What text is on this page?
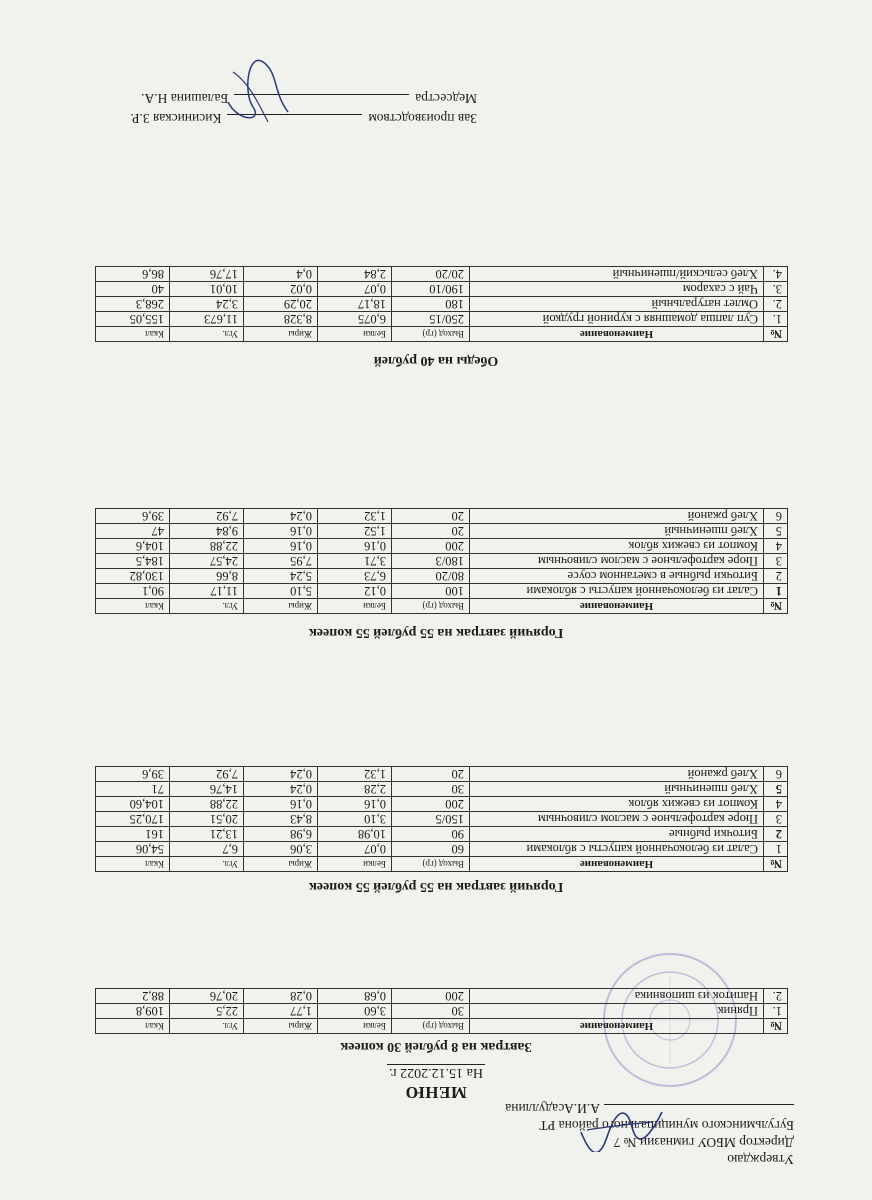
Утверждаю
Директор МБОУ гимназии № 7
Бугульминского муниципального района РТ
А.И.Асадуллина
МЕНЮ
На 15.12.2022 г.
Завтрак на 8 рублей 30 копеек
№	Наименование	Выход (гр)	Белки	Жиры	Угл.	Ккал
1.	Пряник	30	3,60	1,77	22,5	109,8
2.	Напиток из шиповника	200	0,68	0,28	20,76	88,2
Горячий завтрак на 55 рублей 55 копеек
№	Наименование	Выход (гр)	Белки	Жиры	Угл.	Ккал
1	Салат из белокочанной капусты с яблоками	60	0,07	3,06	6,7	54,06
2	Биточки рыбные	90	10,98	6,98	13,21	161
3	Пюре картофельное с маслом сливочным	150/5	3,10	8,43	20,51	170,25
4	Компот из свежих яблок	200	0,16	0,16	22,88	104,60
5	Хлеб пшеничный	30	2,28	0,24	14,76	71
6	Хлеб ржаной	20	1,32	0,24	7,92	39,6
Горячий завтрак на 55 рублей 55 копеек
№	Наименование	Выход (гр)	Белки	Жиры	Угл.	Ккал
1	Салат из белокочанной капусты с яблоками	100	0,12	5,10	11,17	90,1
2	Биточки рыбные в сметанном соусе	80/20	6,73	5,24	8,66	130,82
3	Пюре картофельное с маслом сливочным	180/3	3,71	7,95	24,57	184,5
4	Компот из свежих яблок	200	0,16	0,16	22,88	104,6
5	Хлеб пшеничный	20	1,52	0,16	9,84	47
6	Хлеб ржаной	20	1,32	0,24	7,92	39,6
Обеды на 40 рублей
№	Наименование	Выход (гр)	Белки	Жиры	Угл.	Ккал
1.	Суп лапша домашняя с куриной грудкой	250/15	6,075	8,328	11,673	155,05
2.	Омлет натуральный	180	18,17	20,29	3,24	268,3
3.	Чай с сахаром	190/10	0,07	0,02	10,01	40
4.	Хлеб сельский/пшеничный	20/20	2,84	0,4	17,76	86,6
Зав производствомКисиниская З.Р.
МедсестраБалашина Н.А.
